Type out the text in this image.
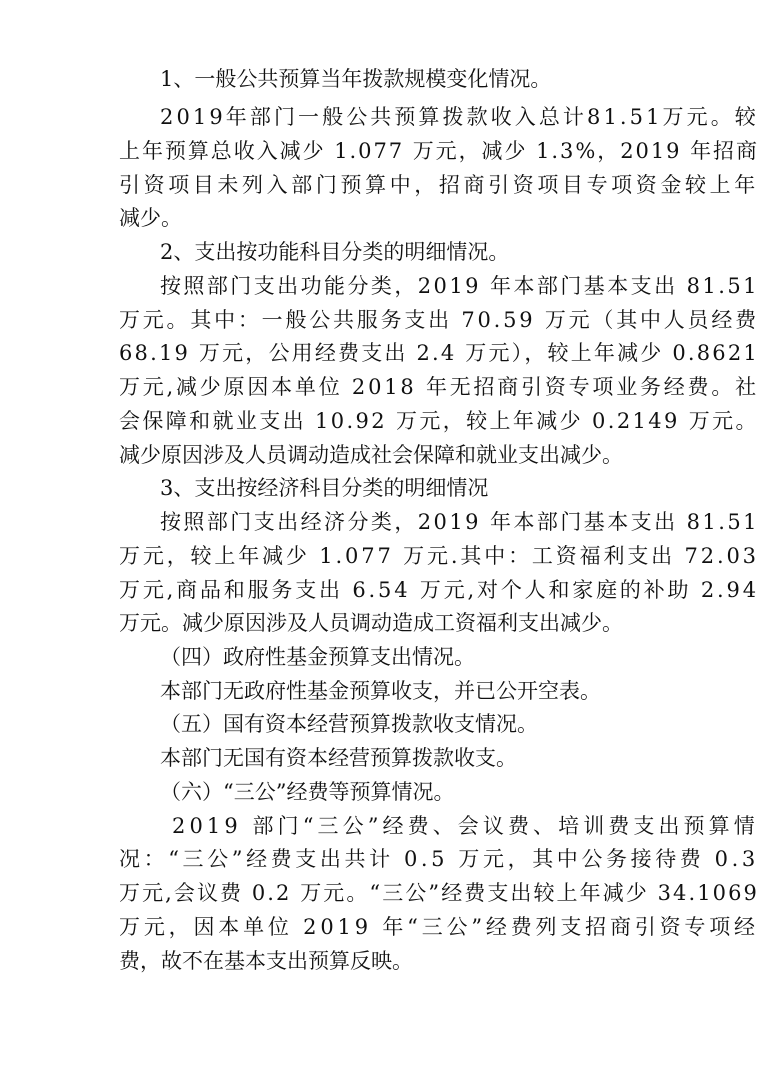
1、一般公共预算当年拨款规模变化情况。

2019年部门一般公共预算拨款收入总计81.51万元。较

上年预算总收入减少 1.077 万元，减少 1.3%，2019 年招商

引资项目未列入部门预算中，招商引资项目专项资金较上年

减少。

2、支出按功能科目分类的明细情况。

按照部门支出功能分类，2019 年本部门基本支出 81.51

万元。其中：一般公共服务支出 70.59 万元（其中人员经费

68.19 万元，公用经费支出 2.4 万元），较上年减少 0.8621

万元,减少原因本单位 2018 年无招商引资专项业务经费。社

会保障和就业支出 10.92 万元，较上年减少 0.2149 万元。

减少原因涉及人员调动造成社会保障和就业支出减少。

3、支出按经济科目分类的明细情况

按照部门支出经济分类，2019 年本部门基本支出 81.51

万元，较上年减少 1.077 万元.其中：工资福利支出 72.03

万元,商品和服务支出 6.54 万元,对个人和家庭的补助 2.94

万元。减少原因涉及人员调动造成工资福利支出减少。

（四）政府性基金预算支出情况。

本部门无政府性基金预算收支，并已公开空表。

（五）国有资本经营预算拨款收支情况。

本部门无国有资本经营预算拨款收支。

（六）“三公”经费等预算情况。

2019 部门“三公”经费、会议费、培训费支出预算情

况：“三公”经费支出共计 0.5 万元，其中公务接待费 0.3

万元,会议费 0.2 万元。“三公”经费支出较上年减少 34.1069

万元，因本单位 2019 年“三公”经费列支招商引资专项经

费，故不在基本支出预算反映。
